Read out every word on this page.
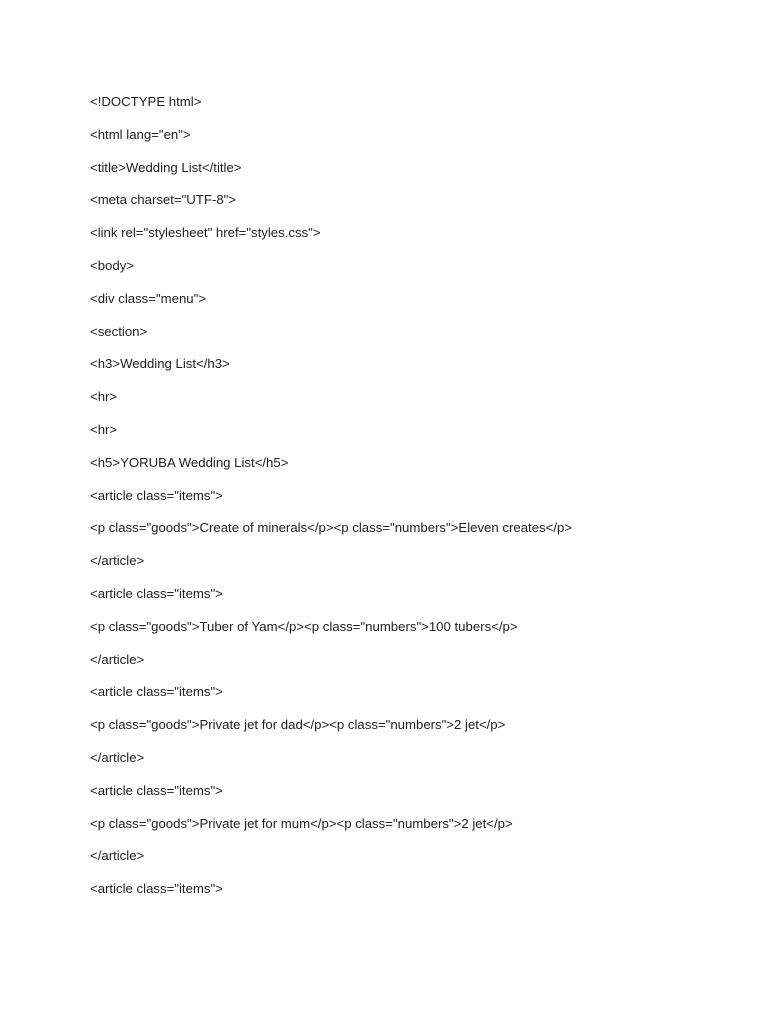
<!DOCTYPE html>
<html lang="en">
<title>Wedding List</title>
<meta charset="UTF-8">
<link rel="stylesheet" href="styles.css">
<body>
<div class="menu">
<section>
<h3>Wedding List</h3>
<hr>
<hr>
<h5>YORUBA Wedding List</h5>
<article class="items">
<p class="goods">Create of minerals</p><p class="numbers">Eleven creates</p>
</article>
<article class="items">
<p class="goods">Tuber of Yam</p><p class="numbers">100 tubers</p>
</article>
<article class="items">
<p class="goods">Private jet for dad</p><p class="numbers">2 jet</p>
</article>
<article class="items">
<p class="goods">Private jet for mum</p><p class="numbers">2 jet</p>
</article>
<article class="items">
